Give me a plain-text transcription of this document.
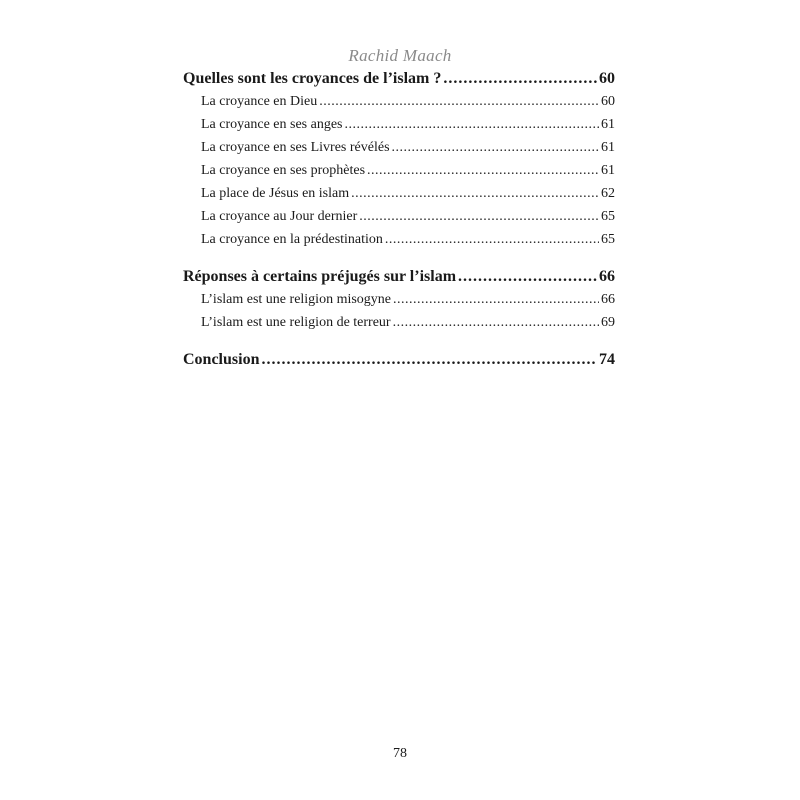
Rachid Maach
Quelles sont les croyances de l’islam ? .....	60
La croyance en Dieu .....	60
La croyance en ses anges .....	61
La croyance en ses Livres révélés .....	61
La croyance en ses prophètes .....	61
La place de Jésus en islam .....	62
La croyance au Jour dernier .....	65
La croyance en la prédestination .....	65
Réponses à certains préjugés sur l’islam .....	66
L’islam est une religion misogyne .....	66
L’islam est une religion de terreur .....	69
Conclusion .....	74
78
